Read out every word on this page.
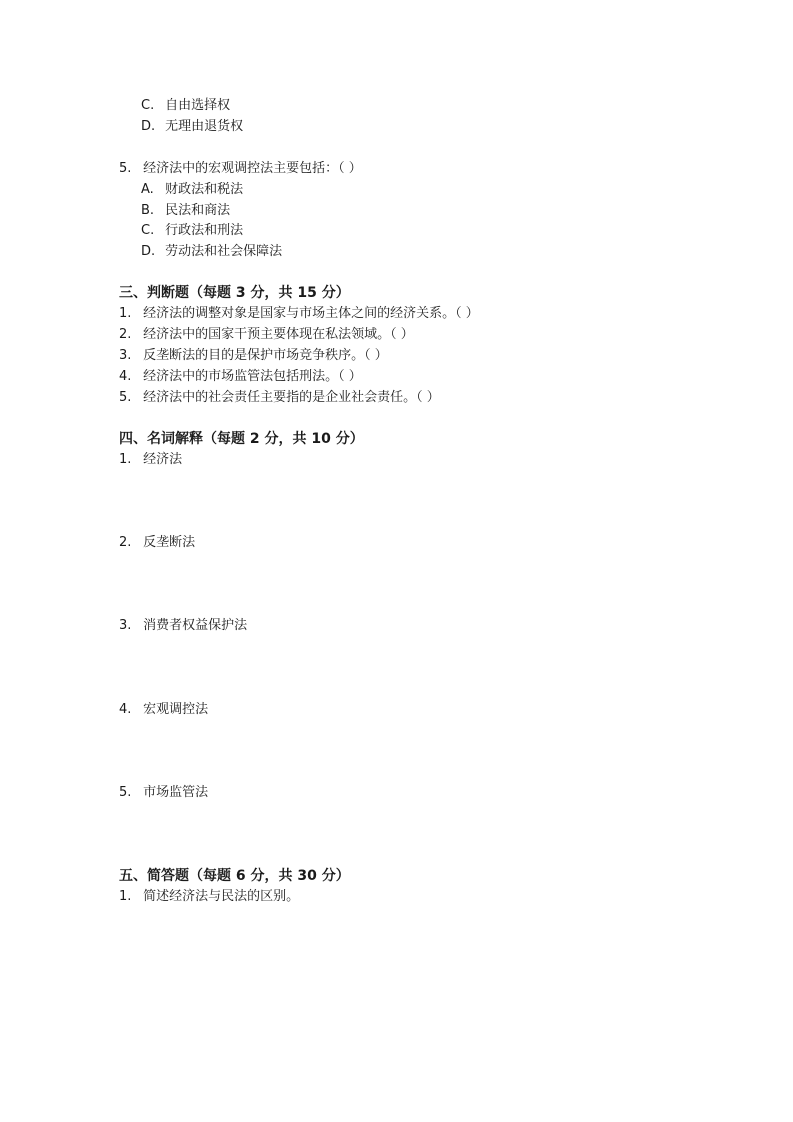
C. 自由选择权
D. 无理由退货权
5. 经济法中的宏观调控法主要包括：（ ）
A. 财政法和税法
B. 民法和商法
C. 行政法和刑法
D. 劳动法和社会保障法
三、判断题（每题 3 分，共 15 分）
1. 经济法的调整对象是国家与市场主体之间的经济关系。（ ）
2. 经济法中的国家干预主要体现在私法领域。（ ）
3. 反垄断法的目的是保护市场竞争秩序。（ ）
4. 经济法中的市场监管法包括刑法。（ ）
5. 经济法中的社会责任主要指的是企业社会责任。（ ）
四、名词解释（每题 2 分，共 10 分）
1. 经济法
2. 反垄断法
3. 消费者权益保护法
4. 宏观调控法
5. 市场监管法
五、简答题（每题 6 分，共 30 分）
1. 简述经济法与民法的区别。
